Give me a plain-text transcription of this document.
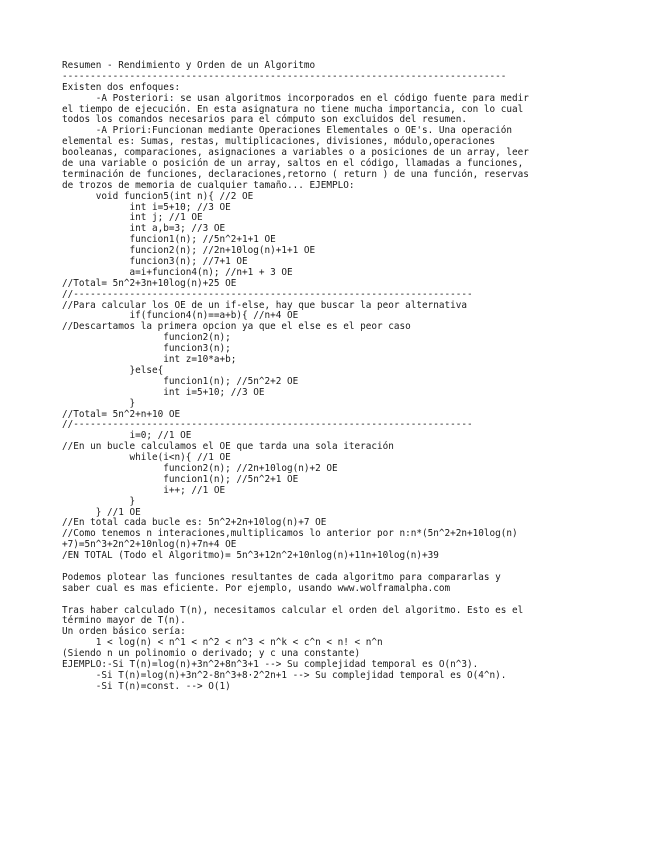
Resumen - Rendimiento y Orden de un Algoritmo
-------------------------------------------------------------------------------
Existen dos enfoques:
-A Posteriori: se usan algoritmos incorporados en el código fuente para medir
el tiempo de ejecución. En esta asignatura no tiene mucha importancia, con lo cual
todos los comandos necesarios para el cómputo son excluidos del resumen.
-A Priori:Funcionan mediante Operaciones Elementales o OE's. Una operación
elemental es: Sumas, restas, multiplicaciones, divisiones, módulo,operaciones
booleanas, comparaciones, asignaciones a variables o a posiciones de un array, leer
de una variable o posición de un array, saltos en el código, llamadas a funciones,
terminación de funciones, declaraciones,retorno ( return ) de una función, reservas
de trozos de memoria de cualquier tamaño... EJEMPLO:
void funcion5(int n){ //2 OE
int i=5+10; //3 OE
int j; //1 OE
int a,b=3; //3 OE
funcion1(n); //5n^2+1+1 OE
funcion2(n); //2n+10log(n)+1+1 OE
funcion3(n); //7+1 OE
a=i+funcion4(n); //n+1 + 3 OE
//Total= 5n^2+3n+10log(n)+25 OE
//-----------------------------------------------------------------------
//Para calcular los OE de un if-else, hay que buscar la peor alternativa
if(funcion4(n)==a+b){ //n+4 OE
//Descartamos la primera opcion ya que el else es el peor caso
funcion2(n);
funcion3(n);
int z=10*a+b;
}else{
funcion1(n); //5n^2+2 OE
int i=5+10; //3 OE
}
//Total= 5n^2+n+10 OE
//-----------------------------------------------------------------------
i=0; //1 OE
//En un bucle calculamos el OE que tarda una sola iteración
while(i<n){ //1 OE
funcion2(n); //2n+10log(n)+2 OE
funcion1(n); //5n^2+1 OE
i++; //1 OE
}
} //1 OE
//En total cada bucle es: 5n^2+2n+10log(n)+7 OE
//Como tenemos n interaciones,multiplicamos lo anterior por n:n*(5n^2+2n+10log(n)
+7)=5n^3+2n^2+10nlog(n)+7n+4 OE
/EN TOTAL (Todo el Algoritmo)= 5n^3+12n^2+10nlog(n)+11n+10log(n)+39
Podemos plotear las funciones resultantes de cada algoritmo para compararlas y
saber cual es mas eficiente. Por ejemplo, usando www.wolframalpha.com
Tras haber calculado T(n), necesitamos calcular el orden del algoritmo. Esto es el
término mayor de T(n).
Un orden básico sería:
1 < log(n) < n^1 < n^2 < n^3 < n^k < c^n < n! < n^n
(Siendo n un polinomio o derivado; y c una constante)
EJEMPLO:-Si T(n)=log(n)+3n^2+8n^3+1 --> Su complejidad temporal es O(n^3).
-Si T(n)=log(n)+3n^2-8n^3+8·2^2n+1 --> Su complejidad temporal es O(4^n).
-Si T(n)=const. --> O(1)
